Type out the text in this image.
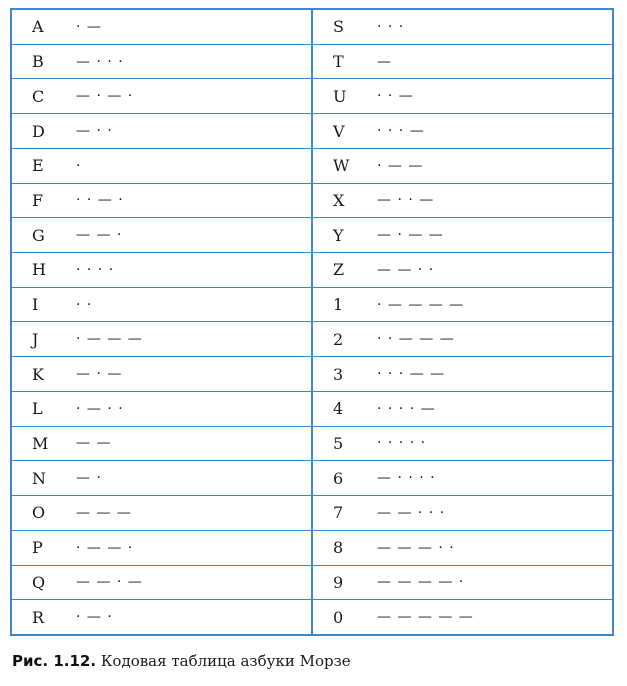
A	· —
B	— · · ·
C	— · — ·
D	— · ·
E	·
F	· · — ·
G	— — ·
H	· · · ·
I	· ·
J	· — — —
K	— · —
L	· — · ·
M	— —
N	— ·
O	— — —
P	· — — ·
Q	— — · —
R	· — ·
S	· · ·
T	—
U	· · —
V	· · · —
W	· — —
X	— · · —
Y	— · — —
Z	— — · ·
1	· — — — —
2	· · — — —
3	· · · — —
4	· · · · —
5	· · · · ·
6	— · · · ·
7	— — · · ·
8	— — — · ·
9	— — — — ·
0	— — — — —
Рис. 1.12. Кодовая таблица азбуки Морзе
